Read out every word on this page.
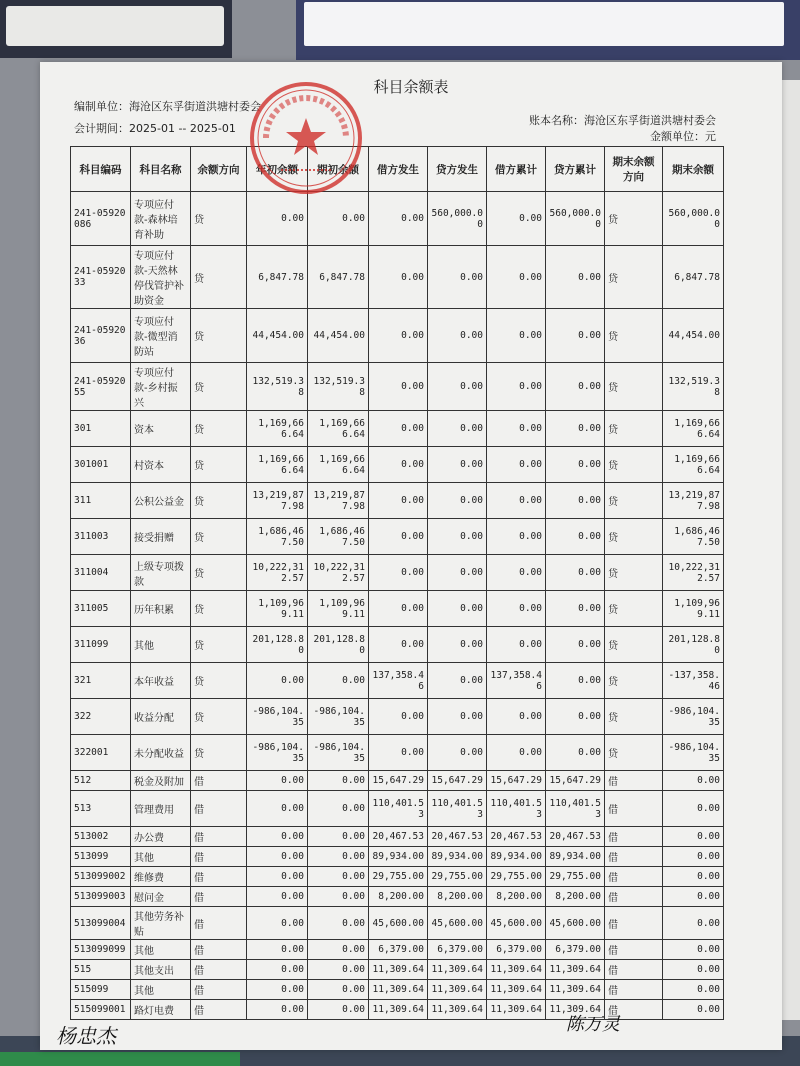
科目余额表
编制单位：海沧区东孚街道洪塘村委会
会计期间：2025-01 -- 2025-01
账本名称：海沧区东孚街道洪塘村委会
金额单位：元
科目编码	科目名称	余额方向	年初余额	期初余额	借方发生	贷方发生	借方累计	贷方累计	期末余额方向	期末余额
241-05920086	专项应付款-森林培育补助	贷	0.00	0.00	0.00	560,000.00	0.00	560,000.00	贷	560,000.00
241-0592033	专项应付款-天然林停伐管护补助资金	贷	6,847.78	6,847.78	0.00	0.00	0.00	0.00	贷	6,847.78
241-0592036	专项应付款-微型消防站	贷	44,454.00	44,454.00	0.00	0.00	0.00	0.00	贷	44,454.00
241-0592055	专项应付款-乡村振兴	贷	132,519.38	132,519.38	0.00	0.00	0.00	0.00	贷	132,519.38
301	资本	贷	1,169,666.64	1,169,666.64	0.00	0.00	0.00	0.00	贷	1,169,666.64
301001	村资本	贷	1,169,666.64	1,169,666.64	0.00	0.00	0.00	0.00	贷	1,169,666.64
311	公积公益金	贷	13,219,877.98	13,219,877.98	0.00	0.00	0.00	0.00	贷	13,219,877.98
311003	接受捐赠	贷	1,686,467.50	1,686,467.50	0.00	0.00	0.00	0.00	贷	1,686,467.50
311004	上级专项拨款	贷	10,222,312.57	10,222,312.57	0.00	0.00	0.00	0.00	贷	10,222,312.57
311005	历年积累	贷	1,109,969.11	1,109,969.11	0.00	0.00	0.00	0.00	贷	1,109,969.11
311099	其他	贷	201,128.80	201,128.80	0.00	0.00	0.00	0.00	贷	201,128.80
321	本年收益	贷	0.00	0.00	137,358.46	0.00	137,358.46	0.00	贷	-137,358.46
322	收益分配	贷	-986,104.35	-986,104.35	0.00	0.00	0.00	0.00	贷	-986,104.35
322001	未分配收益	贷	-986,104.35	-986,104.35	0.00	0.00	0.00	0.00	贷	-986,104.35
512	税金及附加	借	0.00	0.00	15,647.29	15,647.29	15,647.29	15,647.29	借	0.00
513	管理费用	借	0.00	0.00	110,401.53	110,401.53	110,401.53	110,401.53	借	0.00
513002	办公费	借	0.00	0.00	20,467.53	20,467.53	20,467.53	20,467.53	借	0.00
513099	其他	借	0.00	0.00	89,934.00	89,934.00	89,934.00	89,934.00	借	0.00
513099002	维修费	借	0.00	0.00	29,755.00	29,755.00	29,755.00	29,755.00	借	0.00
513099003	慰问金	借	0.00	0.00	8,200.00	8,200.00	8,200.00	8,200.00	借	0.00
513099004	其他劳务补贴	借	0.00	0.00	45,600.00	45,600.00	45,600.00	45,600.00	借	0.00
513099099	其他	借	0.00	0.00	6,379.00	6,379.00	6,379.00	6,379.00	借	0.00
515	其他支出	借	0.00	0.00	11,309.64	11,309.64	11,309.64	11,309.64	借	0.00
515099	其他	借	0.00	0.00	11,309.64	11,309.64	11,309.64	11,309.64	借	0.00
515099001	路灯电费	借	0.00	0.00	11,309.64	11,309.64	11,309.64	11,309.64	借	0.00
杨忠杰	陈万灵
